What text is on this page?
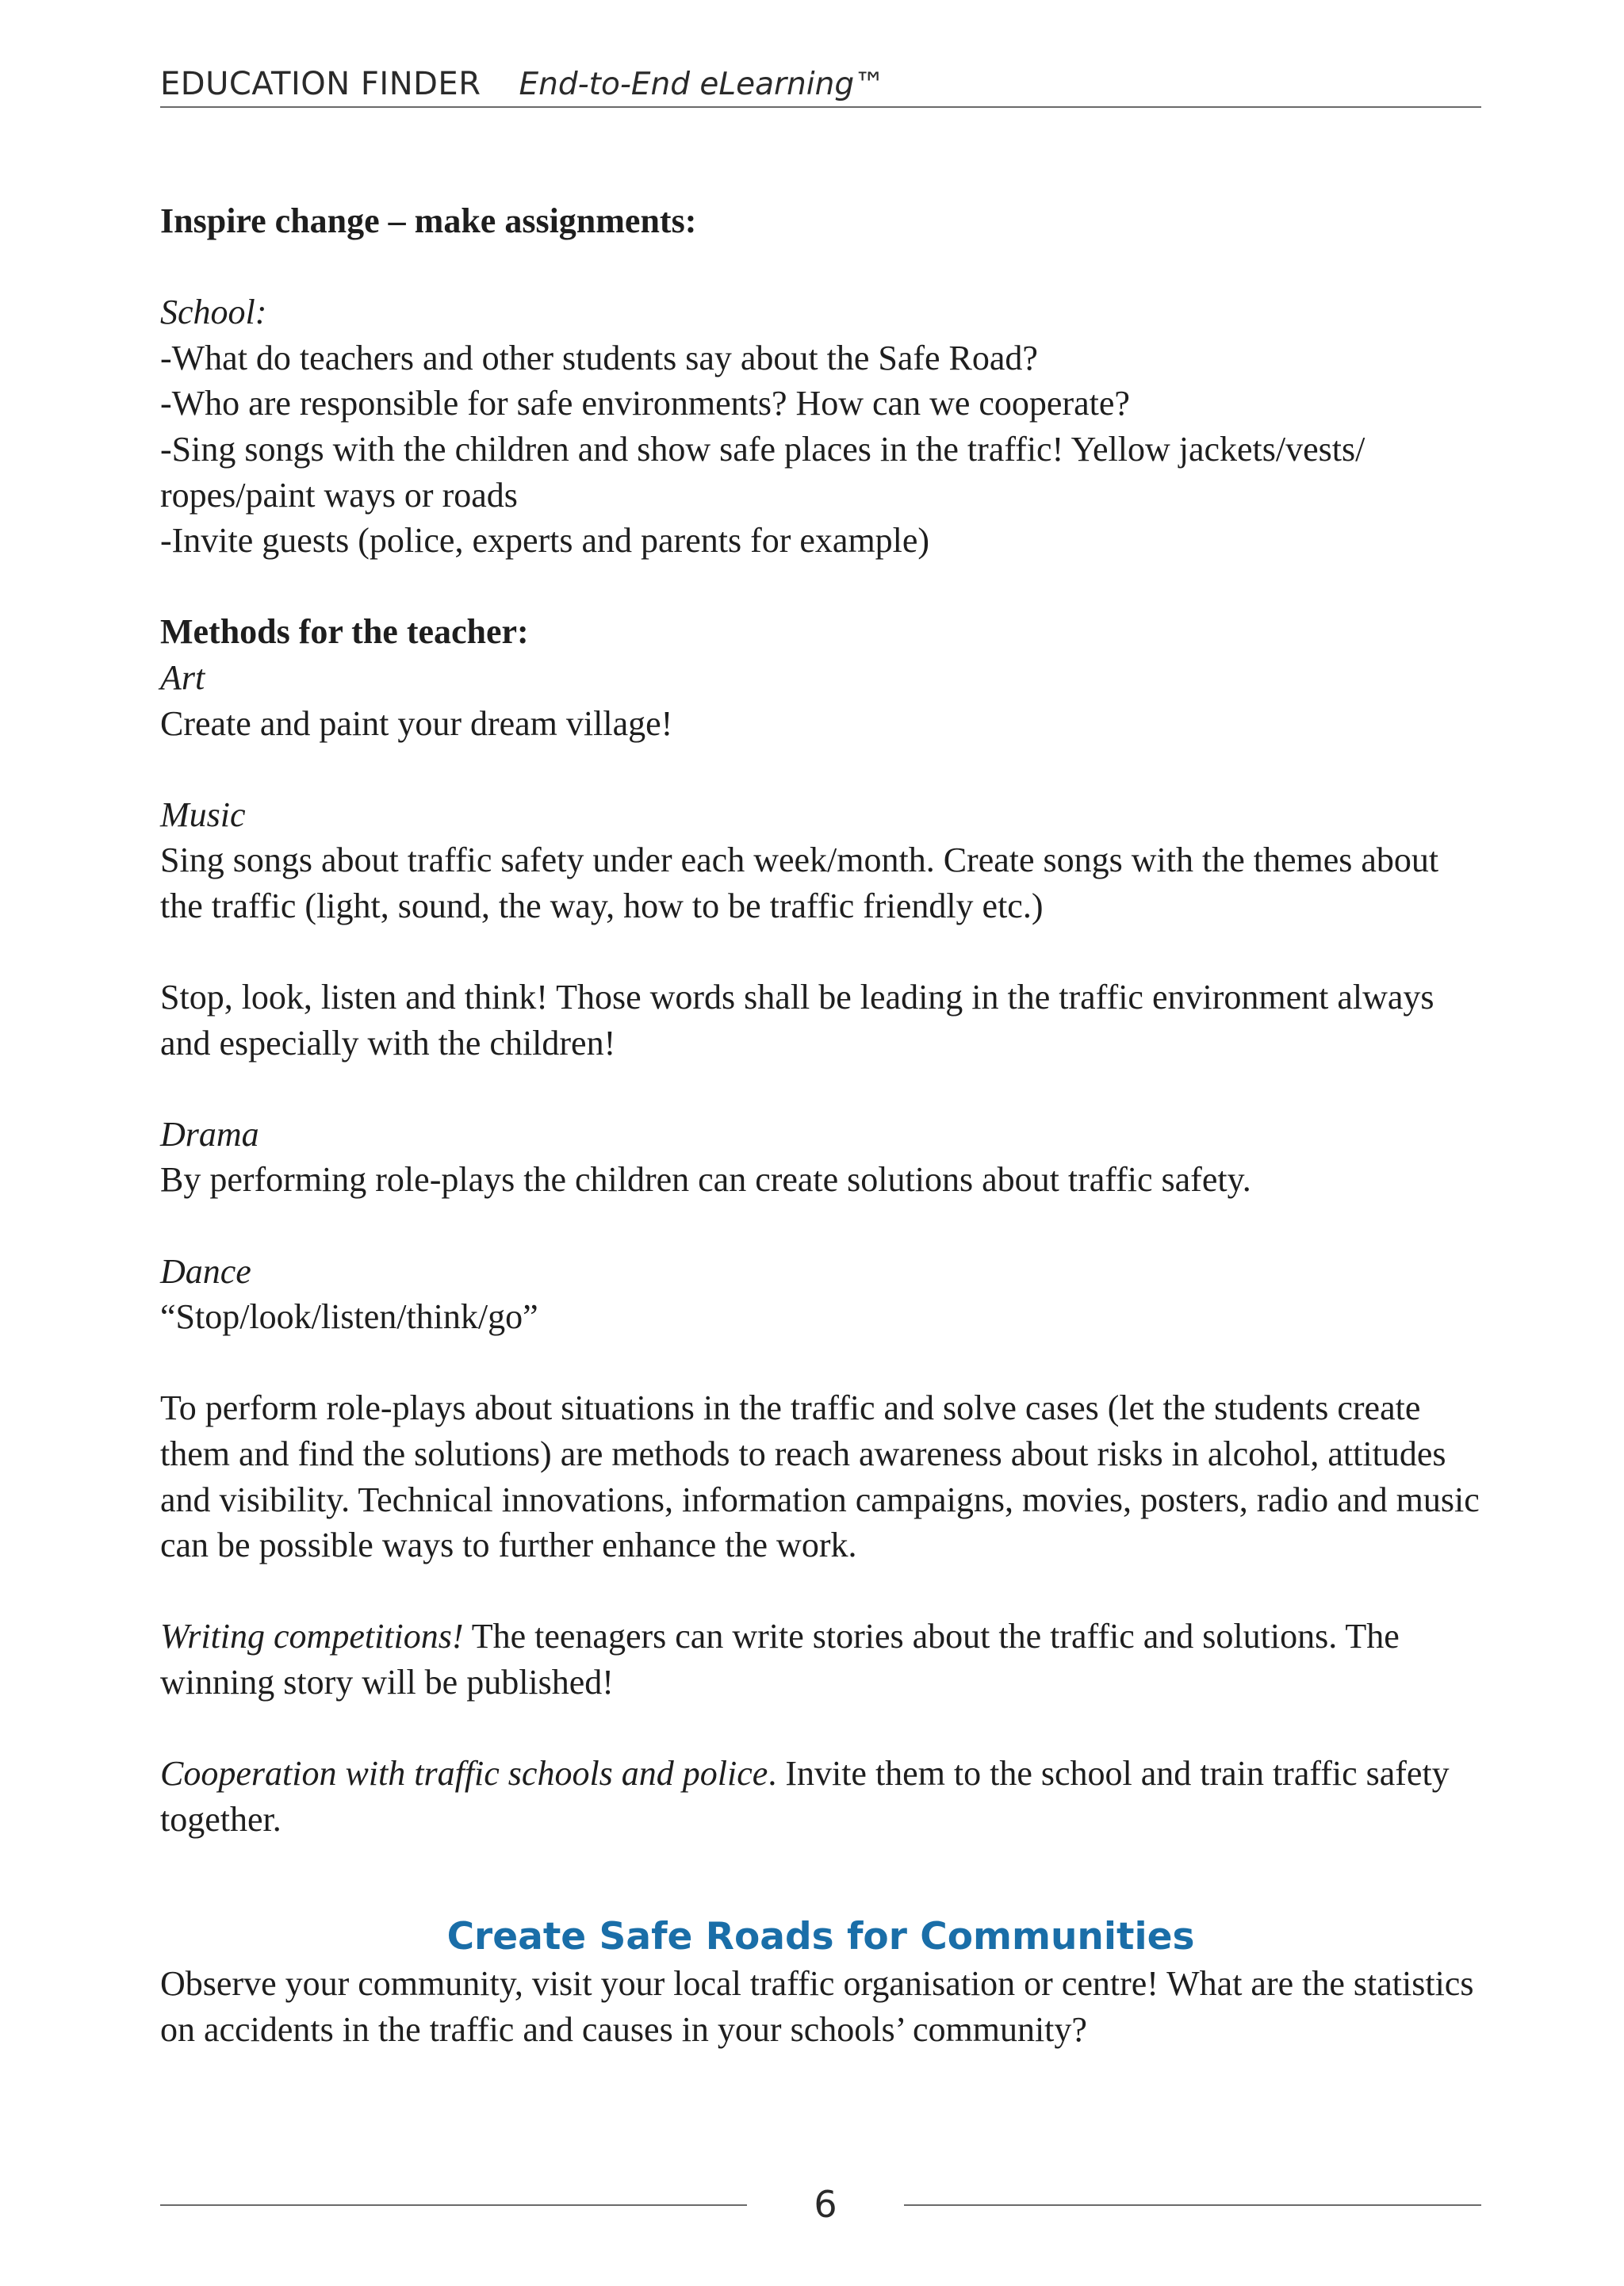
EDUCATION FINDER End-to-End eLearning™

Inspire change – make assignments:

School:

-What do teachers and other students say about the Safe Road?

-Who are responsible for safe environments? How can we cooperate?

-Sing songs with the children and show safe places in the traffic! Yellow jackets/vests/ ropes/paint ways or roads

-Invite guests (police, experts and parents for example)

Methods for the teacher:

Art

Create and paint your dream village!

Music

Sing songs about traffic safety under each week/month. Create songs with the themes about the traffic (light, sound, the way, how to be traffic friendly etc.)

Stop, look, listen and think! Those words shall be leading in the traffic environment always and especially with the children!

Drama

By performing role-plays the children can create solutions about traffic safety.

Dance

“Stop/look/listen/think/go”

To perform role-plays about situations in the traffic and solve cases (let the students create them and find the solutions) are methods to reach awareness about risks in alcohol, attitudes and visibility. Technical innovations, information campaigns, movies, posters, radio and music can be possible ways to further enhance the work.

Writing competitions! The teenagers can write stories about the traffic and solutions. The winning story will be published!

Cooperation with traffic schools and police. Invite them to the school and train traffic safety together.

Create Safe Roads for Communities

Observe your community, visit your local traffic organisation or centre! What are the statistics on accidents in the traffic and causes in your schools’ community?

6
